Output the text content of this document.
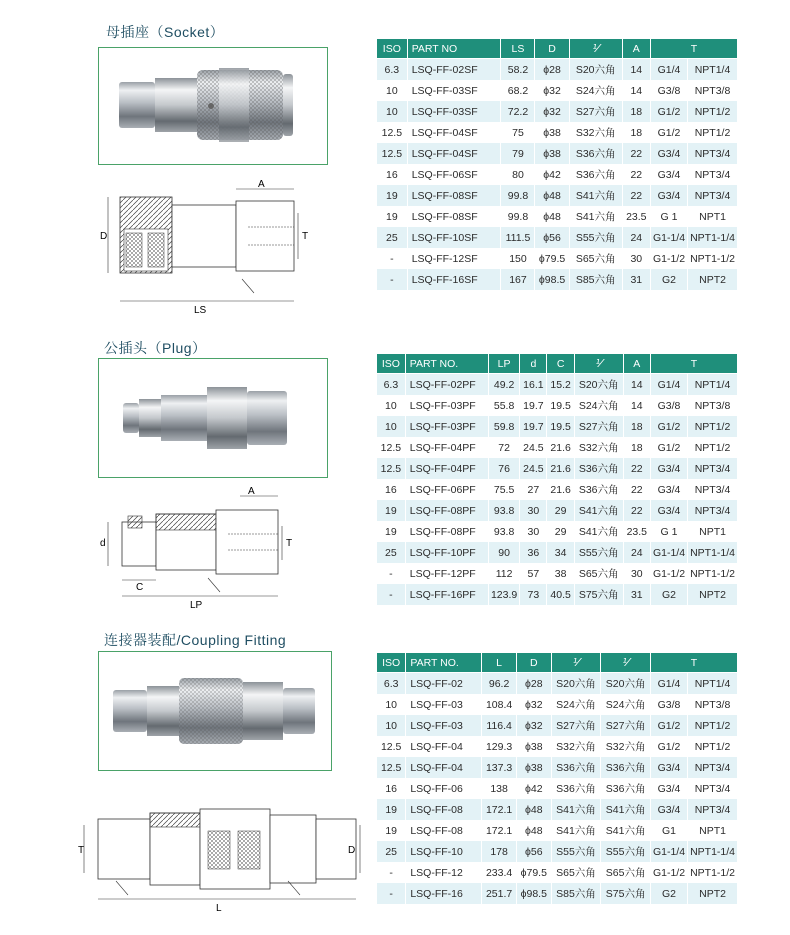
母插座（Socket）
D
A
T
LS
ISO	PART NO	LS	D	⅟	A	T	
6.3	LSQ-FF-02SF	58.2	ϕ28	S20六角	14	G1/4	NPT1/4
10	LSQ-FF-03SF	68.2	ϕ32	S24六角	14	G3/8	NPT3/8
10	LSQ-FF-03SF	72.2	ϕ32	S27六角	18	G1/2	NPT1/2
12.5	LSQ-FF-04SF	75	ϕ38	S32六角	18	G1/2	NPT1/2
12.5	LSQ-FF-04SF	79	ϕ38	S36六角	22	G3/4	NPT3/4
16	LSQ-FF-06SF	80	ϕ42	S36六角	22	G3/4	NPT3/4
19	LSQ-FF-08SF	99.8	ϕ48	S41六角	22	G3/4	NPT3/4
19	LSQ-FF-08SF	99.8	ϕ48	S41六角	23.5	G 1	NPT1
25	LSQ-FF-10SF	111.5	ϕ56	S55六角	24	G1-1/4	NPT1-1/4
-	LSQ-FF-12SF	150	ϕ79.5	S65六角	30	G1-1/2	NPT1-1/2
-	LSQ-FF-16SF	167	ϕ98.5	S85六角	31	G2	NPT2
公插头（Plug）
d
A
T
C
LP
ISO	PART NO.	LP	d	C	⅟	A	T	
6.3	LSQ-FF-02PF	49.2	16.1	15.2	S20六角	14	G1/4	NPT1/4
10	LSQ-FF-03PF	55.8	19.7	19.5	S24六角	14	G3/8	NPT3/8
10	LSQ-FF-03PF	59.8	19.7	19.5	S27六角	18	G1/2	NPT1/2
12.5	LSQ-FF-04PF	72	24.5	21.6	S32六角	18	G1/2	NPT1/2
12.5	LSQ-FF-04PF	76	24.5	21.6	S36六角	22	G3/4	NPT3/4
16	LSQ-FF-06PF	75.5	27	21.6	S36六角	22	G3/4	NPT3/4
19	LSQ-FF-08PF	93.8	30	29	S41六角	22	G3/4	NPT3/4
19	LSQ-FF-08PF	93.8	30	29	S41六角	23.5	G 1	NPT1
25	LSQ-FF-10PF	90	36	34	S55六角	24	G1-1/4	NPT1-1/4
-	LSQ-FF-12PF	112	57	38	S65六角	30	G1-1/2	NPT1-1/2
-	LSQ-FF-16PF	123.9	73	40.5	S75六角	31	G2	NPT2
连接器装配/Coupling Fitting
T	D
L
ISO	PART NO.	L	D	⅟	⅟	T	
6.3	LSQ-FF-02	96.2	ϕ28	S20六角	S20六角	G1/4	NPT1/4
10	LSQ-FF-03	108.4	ϕ32	S24六角	S24六角	G3/8	NPT3/8
10	LSQ-FF-03	116.4	ϕ32	S27六角	S27六角	G1/2	NPT1/2
12.5	LSQ-FF-04	129.3	ϕ38	S32六角	S32六角	G1/2	NPT1/2
12.5	LSQ-FF-04	137.3	ϕ38	S36六角	S36六角	G3/4	NPT3/4
16	LSQ-FF-06	138	ϕ42	S36六角	S36六角	G3/4	NPT3/4
19	LSQ-FF-08	172.1	ϕ48	S41六角	S41六角	G3/4	NPT3/4
19	LSQ-FF-08	172.1	ϕ48	S41六角	S41六角	G1	NPT1
25	LSQ-FF-10	178	ϕ56	S55六角	S55六角	G1-1/4	NPT1-1/4
-	LSQ-FF-12	233.4	ϕ79.5	S65六角	S65六角	G1-1/2	NPT1-1/2
-	LSQ-FF-16	251.7	ϕ98.5	S85六角	S75六角	G2	NPT2
